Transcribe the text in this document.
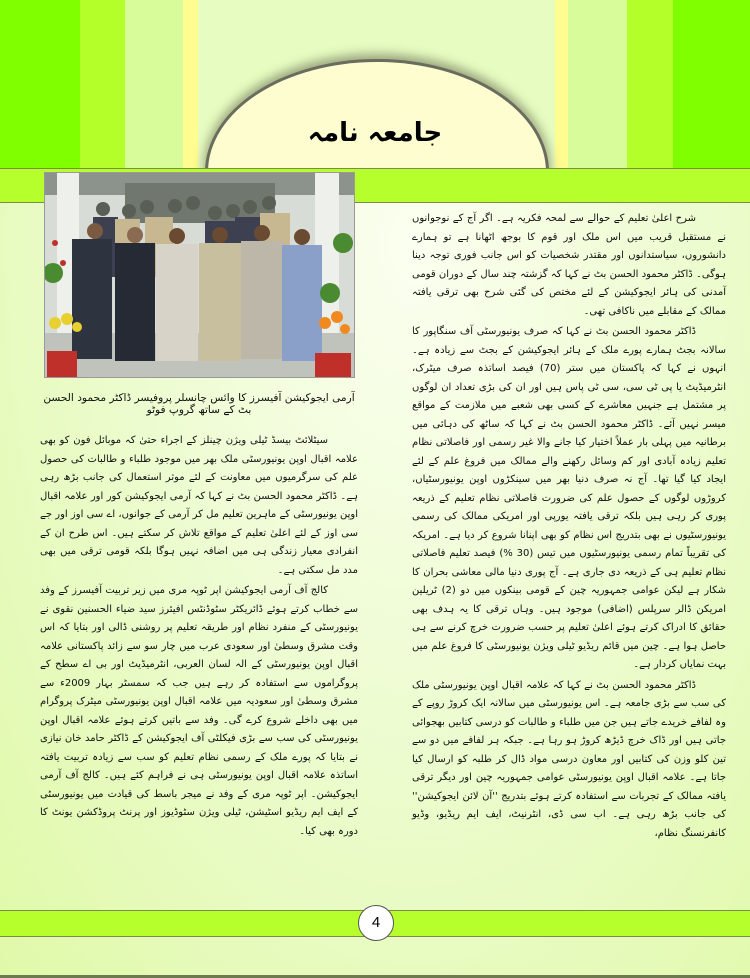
جامعہ نامہ

شرح اعلیٰ تعلیم کے حوالے سے لمحہ فکریہ ہے۔ اگر آج کے نوجوانوں نے مستقبل قریب میں اس ملک اور قوم کا بوجھ اٹھانا ہے تو ہمارے دانشوروں، سیاستدانوں اور مقتدر شخصیات کو اس جانب فوری توجہ دینا ہوگی۔ ڈاکٹر محمود الحسن بٹ نے کہا کہ گزشتہ چند سال کے دوران قومی آمدنی کی ہائر ایجوکیشن کے لئے مختص کی گئی شرح بھی ترقی یافتہ ممالک کے مقابلے میں ناکافی تھی۔

ڈاکٹر محمود الحسن بٹ نے کہا کہ صرف یونیورسٹی آف سنگاپور کا سالانہ بجٹ ہمارے پورے ملک کے ہائر ایجوکیشن کے بجٹ سے زیادہ ہے۔ انہوں نے کہا کہ پاکستان میں ستر (70) فیصد اساتذہ صرف میٹرک، انٹرمیڈیٹ یا پی ٹی سی، سی ٹی پاس ہیں اور ان کی بڑی تعداد ان لوگوں پر مشتمل ہے جنہیں معاشرے کے کسی بھی شعبے میں ملازمت کے مواقع میسر نہیں آئے۔ ڈاکٹر محمود الحسن بٹ نے کہا کہ ساٹھ کی دہائی میں برطانیہ میں پہلی بار عملاً اختیار کیا جانے والا غیر رسمی اور فاصلاتی نظام تعلیم زیادہ آبادی اور کم وسائل رکھنے والے ممالک میں فروغ علم کے لئے ایجاد کیا گیا تھا۔ آج نہ صرف دنیا بھر میں سینکڑوں اوپن یونیورسٹیاں، کروڑوں لوگوں کے حصول علم کی ضرورت فاصلاتی نظام تعلیم کے ذریعہ پوری کر رہی ہیں بلکہ ترقی یافتہ یورپی اور امریکی ممالک کی رسمی یونیورسٹیوں نے بھی بتدریج اس نظام کو بھی اپنانا شروع کر دیا ہے۔ امریکہ کی تقریباً تمام رسمی یونیورسٹیوں میں تیس (30 %) فیصد تعلیم فاصلاتی نظام تعلیم ہی کے ذریعہ دی جاری ہے۔ آج پوری دنیا مالی معاشی بحران کا شکار ہے لیکن عوامی جمہوریہ چین کے قومی بینکوں میں دو (2) ٹریلین امریکن ڈالر سرپلس (اضافی) موجود ہیں۔ وہاں ترقی کا یہ ہدف بھی حقائق کا ادراک کرتے ہوئے اعلیٰ تعلیم پر حسب ضرورت خرچ کرنے سے ہی حاصل ہوا ہے۔ چین میں قائم ریڈیو ٹیلی ویژن یونیورسٹی کا فروغ علم میں بہت نمایاں کردار ہے۔

ڈاکٹر محمود الحسن بٹ نے کہا کہ علامہ اقبال اوپن یونیورسٹی ملک کی سب سے بڑی جامعہ ہے۔ اس یونیورسٹی میں سالانہ ایک کروڑ روپے کے وہ لفافے خریدے جاتے ہیں جن میں طلباء و طالبات کو درسی کتابیں بھجوائی جاتی ہیں اور ڈاک خرچ ڈیڑھ کروڑ ہو رہا ہے۔ جبکہ ہر لفافے میں دو سے تین کلو وزن کی کتابیں اور معاون درسی مواد ڈال کر طلبہ کو ارسال کیا جاتا ہے۔ علامہ اقبال اوپن یونیورسٹی عوامی جمہوریہ چین اور دیگر ترقی یافتہ ممالک کے تجربات سے استفادہ کرتے ہوئے بتدریج ''آن لائن ایجوکیشن'' کی جانب بڑھ رہی ہے۔ اب سی ڈی، انٹرنیٹ، ایف ایم ریڈیو، وڈیو کانفرنسنگ نظام،

آرمی ایجوکیشن آفیسرز کا وائس چانسلر پروفیسر ڈاکٹر محمود الحسن بٹ کے ساتھ گروپ فوٹو

سیٹلائٹ بیسڈ ٹیلی ویژن چینلز کے اجراء حتیٰ کہ موبائل فون کو بھی علامہ اقبال اوپن یونیورسٹی ملک بھر میں موجود طلباء و طالبات کی حصول علم کی سرگرمیوں میں معاونت کے لئے موثر استعمال کی جانب بڑھ رہی ہے۔ ڈاکٹر محمود الحسن بٹ نے کہا کہ آرمی ایجوکیشن کور اور علامہ اقبال اوپن یونیورسٹی کے ماہرین تعلیم مل کر آرمی کے جوانوں، اے سی اوز اور جے سی اوز کے لئے اعلیٰ تعلیم کے مواقع تلاش کر سکتے ہیں۔ اس طرح ان کے انفرادی معیار زندگی ہی میں اضافہ نہیں ہوگا بلکہ قومی ترقی میں بھی مدد مل سکتی ہے۔

کالج آف آرمی ایجوکیشن اپر ٹوپہ مری میں زیر تربیت آفیسرز کے وفد سے خطاب کرتے ہوئے ڈائریکٹر سٹوڈنٹس افیئرز سید ضیاء الحسنین نقوی نے یونیورسٹی کے منفرد نظام اور طریقہ تعلیم پر روشنی ڈالی اور بتایا کہ اس وقت مشرق وسطیٰ اور سعودی عرب میں چار سو سے زائد پاکستانی علامہ اقبال اوپن یونیورسٹی کے الہ لسان العربی، انٹرمیڈیٹ اور بی اے سطح کے پروگراموں سے استفادہ کر رہے ہیں جب کہ سمسٹر بہار 2009ء سے مشرق وسطیٰ اور سعودیہ میں علامہ اقبال اوپن یونیورسٹی میٹرک پروگرام میں بھی داخلے شروع کرے گی۔ وفد سے باتیں کرتے ہوئے علامہ اقبال اوپن یونیورسٹی کی سب سے بڑی فیکلٹی آف ایجوکیشن کے ڈاکٹر حامد خان نیازی نے بتایا کہ پورے ملک کے رسمی نظام تعلیم کو سب سے زیادہ تربیت یافتہ اساتذہ علامہ اقبال اوپن یونیورسٹی ہی نے فراہم کئے ہیں۔ کالج آف آرمی ایجوکیشن۔ اپر ٹوپہ مری کے وفد نے میجر باسط کی قیادت میں یونیورسٹی کے ایف ایم ریڈیو اسٹیشن، ٹیلی ویژن سٹوڈیوز اور پرنٹ پروڈکشن یونٹ کا دورہ بھی کیا۔

4
